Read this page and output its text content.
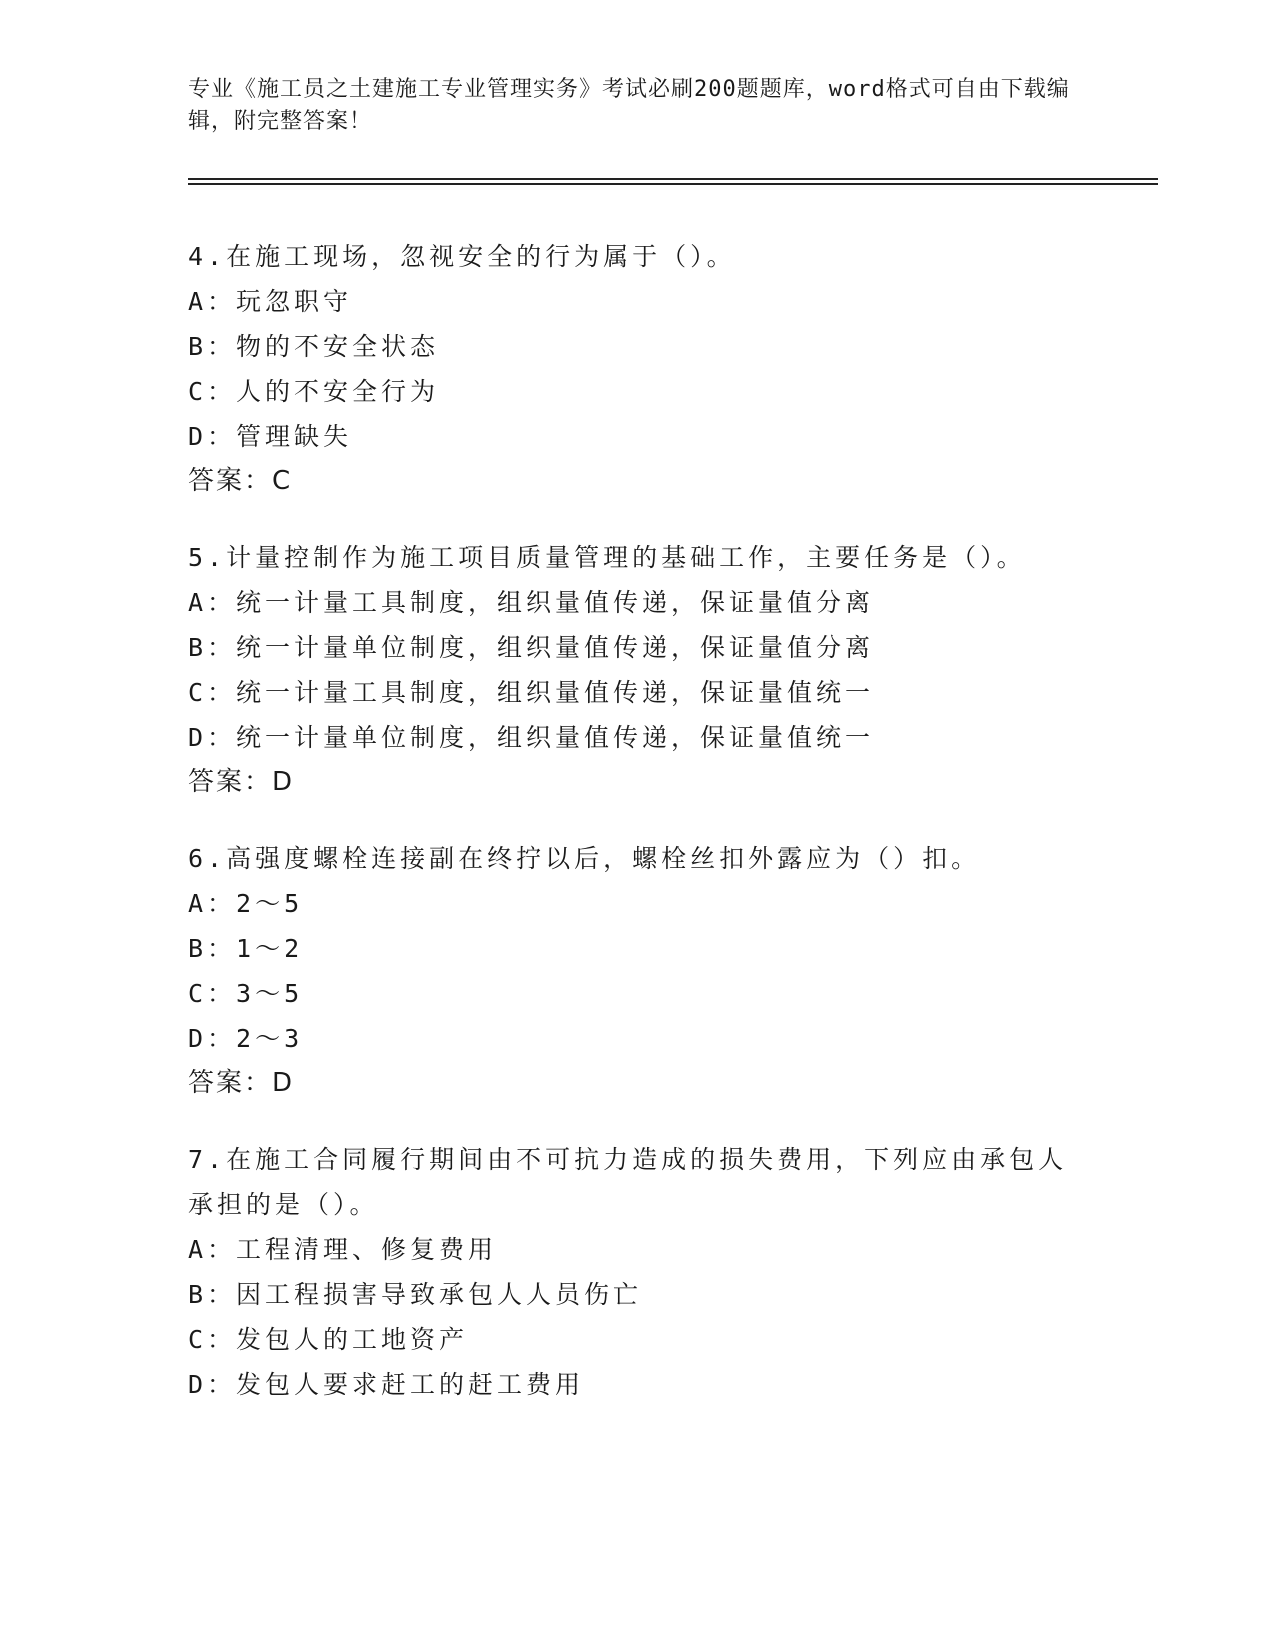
专业《施工员之土建施工专业管理实务》考试必刷200题题库，word格式可自由下载编辑，附完整答案！
4.在施工现场，忽视安全的行为属于（）。
A：玩忽职守
B：物的不安全状态
C：人的不安全行为
D：管理缺失
答案：C
5.计量控制作为施工项目质量管理的基础工作，主要任务是（）。
A：统一计量工具制度，组织量值传递，保证量值分离
B：统一计量单位制度，组织量值传递，保证量值分离
C：统一计量工具制度，组织量值传递，保证量值统一
D：统一计量单位制度，组织量值传递，保证量值统一
答案：D
6.高强度螺栓连接副在终拧以后，螺栓丝扣外露应为（）扣。
A：2～5
B：1～2
C：3～5
D：2～3
答案：D
7.在施工合同履行期间由不可抗力造成的损失费用，下列应由承包人承担的是（）。
A：工程清理、修复费用
B：因工程损害导致承包人人员伤亡
C：发包人的工地资产
D：发包人要求赶工的赶工费用
